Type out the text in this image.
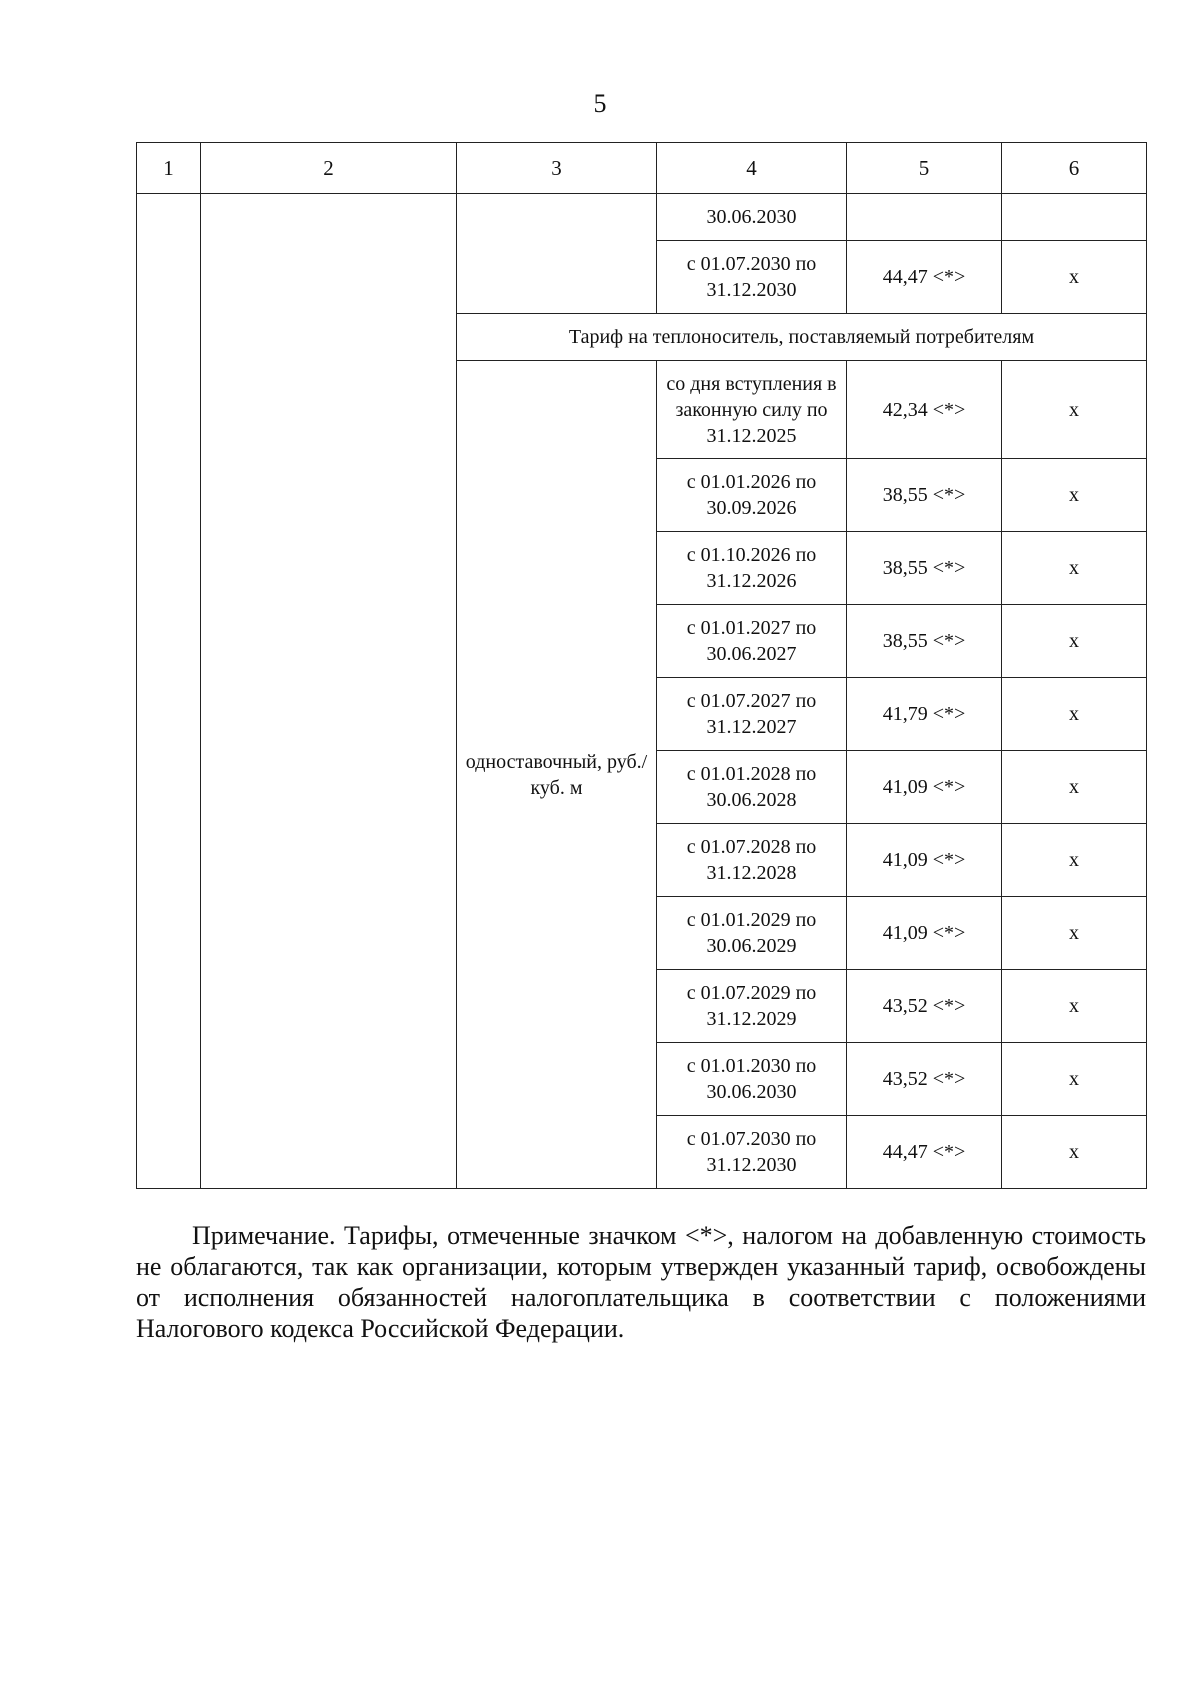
5
1	2	3	4	5	6
			30.06.2030		
			с 01.07.2030 по 31.12.2030	44,47 <*>	х
		Тариф на теплоноситель, поставляемый потребителям			
		одноставочный, руб./куб. м	со дня вступления в законную силу по 31.12.2025	42,34 <*>	х
			с 01.01.2026 по 30.09.2026	38,55 <*>	х
			с 01.10.2026 по 31.12.2026	38,55 <*>	х
			с 01.01.2027 по 30.06.2027	38,55 <*>	х
			с 01.07.2027 по 31.12.2027	41,79 <*>	х
			с 01.01.2028 по 30.06.2028	41,09 <*>	х
			с 01.07.2028 по 31.12.2028	41,09 <*>	х
			с 01.01.2029 по 30.06.2029	41,09 <*>	х
			с 01.07.2029 по 31.12.2029	43,52 <*>	х
			с 01.01.2030 по 30.06.2030	43,52 <*>	х
			с 01.07.2030 по 31.12.2030	44,47 <*>	х

Примечание. Тарифы, отмеченные значком <*>, налогом на добавленную стоимость не облагаются, так как организации, которым утвержден указанный тариф, освобождены от исполнения обязанностей налогоплательщика в соответствии с положениями Налогового кодекса Российской Федерации.
